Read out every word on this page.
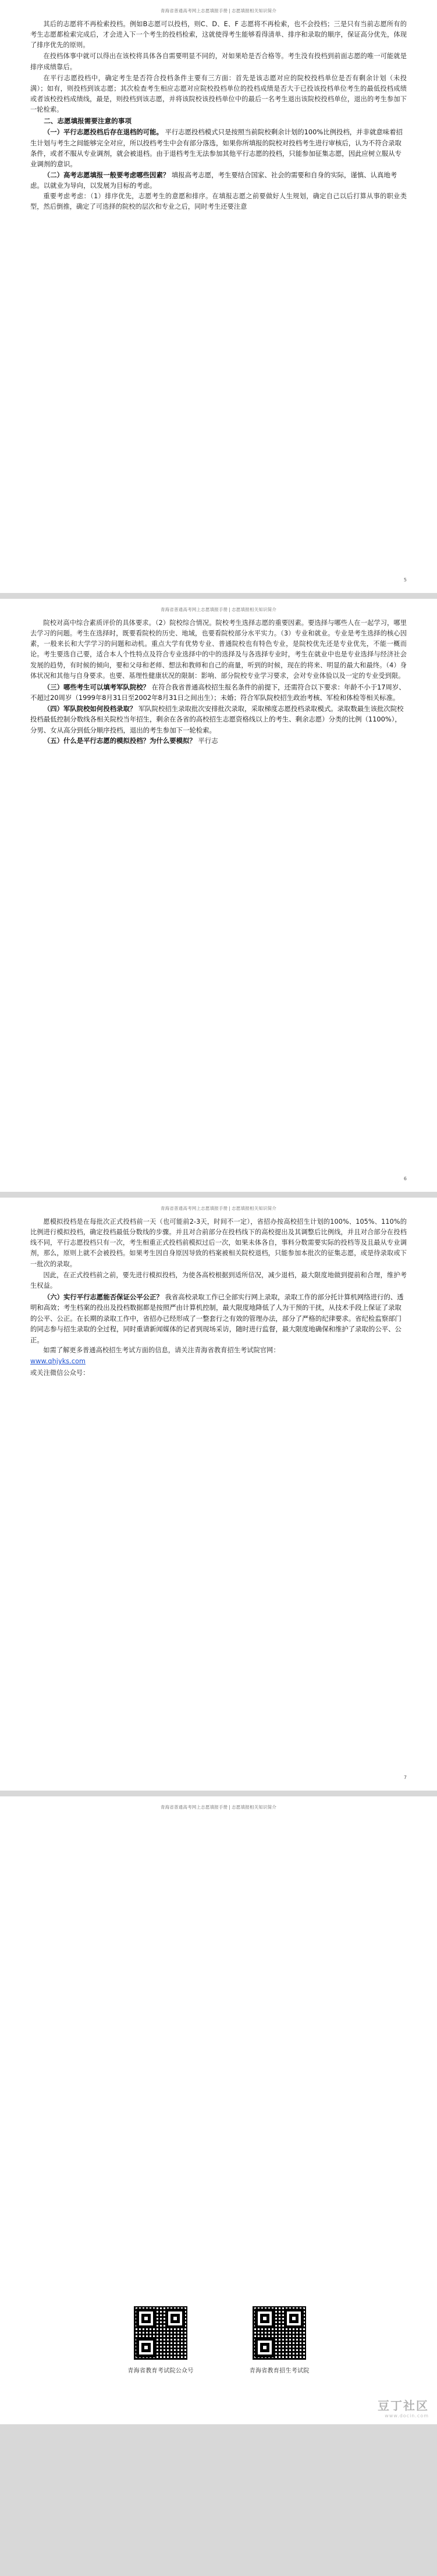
青海省普通高考网上志愿填报手册 | 志愿填报相关知识简介

其后的志愿将不再检索投档。例如B志愿可以投档，则C、D、E、F 志愿将不再检索，也不会投档；三是只有当前志愿所有的考生志愿都检索完成后，才会进入下一个考生的投档检索，这就使得考生能够看得清单、排序和录取的顺序，保证高分优先，体现了排序优先的原则。

在投档体事中就可以得出在该校将具体各自需要明显不同的，对如果哈是否合格等。考生没有投档到前面志愿的唯一可能就是排序成绩靠后。

在平行志愿投档中，确定考生是否符合投档条件主要有三方面：首先是该志愿对应的院校投档单位是否有剩余计划（未投满）；如有，则投档到该志愿；其次检查考生相应志愿对应院校投档单位的投档成绩是否大于已投该投档单位考生的最低投档成绩或者该校投档成绩线，最是，则投档到该志愿，并将该院校该投档单位中的最后一名考生退出该院校投档单位，退出的考生参加下一轮检索。

二、志愿填报需要注意的事项

（一）平行志愿投档后存在退档的可能。 平行志愿投档模式只是按照当前院校剩余计划的100%比例投档，并非就意味着招生计划与考生之间能够完全对应，所以投档考生中会有部分落选，如果你所填报的院校对投档考生进行审核后，认为不符合录取条件，或者不服从专业调剂，就会被退档。由于退档考生无法参加其他平行志愿的投档，只能参加征集志愿，因此应树立服从专业调剂的意识。

（二）高考志愿填报一般要考虑哪些因素？ 填报高考志愿，考生要结合国家、社会的需要和自身的实际，谨慎、认真地考虑。以就业为导向，以发展为目标的考虑。

重要考虑考虑：（1）排序优先，志愿考生的意愿和排序。在填报志愿之前要做好人生规划，确定自己以后打算从事的职业类型，然后倒推，确定了可选择的院校的层次和专业之后，同时考生还要注意

5
青海省普通高考网上志愿填报手册 | 志愿填报相关知识简介

院校对高中综合素质评价的具体要求。（2）院校综合情况。院校考生选择志愿的重要因素。要选择与哪些人在一起学习，哪里去学习的问题。考生在选择时，既要看院校的历史、地域，也要看院校部分水平实力。（3）专业和就业。专业是考生选择的核心因素，一般来长和大学学习的问题和动机。重点大学有优势专业、普通院校也有特色专业，是院校优先还是专业优先，不能一概而论。考生要选自己要，适合本人个性特点及符合专业选择中的中的选择及与各选择专业时，考生在就业中也是专业选择与经济社会发展的趋势，有时候的倾向，要和父母和老师、想法和教师和自己的商量，听到的时候，现在的将来、明显的最大和最终。（4）身体状况和其他与自身要求。也要、基理性健康状况的限制：影响、部分院校专业学习要求，会对专业体验以及一定的专业受到限。

（三）哪些考生可以填考军队院校？ 在符合我省普通高校招生报名条件的前提下，还需符合以下要求：年龄不小于17周岁、不超过20周岁（1999年8月31日至2002年8月31日之间出生）；未婚；符合军队院校招生政治考核、军检和体检等相关标准。

（四）军队院校如何投档录取？ 军队院校招生录取批次安排批次录取，采取梯度志愿投档录取模式。录取数最生该批次院校投档最低控制分数线各相关院校当年招生，剩余在各省的高校招生志愿资格线以上的考生、剩余志愿）分类的比例（1100%），分男、女从高分到低分顺序投档，退出的考生参加下一轮检索。

（五）什么是平行志愿的模拟投档？为什么要模拟？ 平行志

6
青海省普通高考网上志愿填报手册 | 志愿填报相关知识简介

愿模拟投档是在每批次正式投档前一天（也可能前2-3天，时间不一定），省招办按高校招生计划的100%、105%、110%的比例进行模拟投档，确定投档最低分数线的步骤。并且对合前部分在投档线下的高校提出及其调整后比例线，并且对合部分在投档线不同，平行志愿投档只有一次，考生相重正式投档前模拟过后一次，如果未体各自，事料分数需要实际的投档等及且最从专业调剂，那么，原则上就不会被投档。如果考生因自身原因导致的档案被相关院校退档，只能参加本批次的征集志愿，或是待录取或下一批次的录取。

因此，在正式投档前之前，要先进行模拟投档，为使各高校根据到适所信况，减少退档，最大限度地做到提前和合理，维护考生权益。

（六）实行平行志愿能否保证公平公正？ 我省高校录取工作已全部实行网上录取，录取工作的部分托计算机网络进行的、透明和高效；考生档案的投出及投档数据都是按照严由计算机控制，最大限度地降低了人为干预的干扰，从技术手段上保证了录取的公平、公正。在长期的录取工作中，省招办已经形成了一整套行之有效的管理办法，部分了严格的纪律要求。省纪检监察部门的同志参与招生录取的全过程，同时重请新闻媒体的记者到现场采访，随时进行监督，最大限度地确保和维护了录取的公平、公正。

如需了解更多普通高校招生考试方面的信息，请关注青海省教育招生考试院官网：

www.qhjyks.com

或关注微信公众号：

7
青海省普通高考网上志愿填报手册 | 志愿填报相关知识简介
青海省教育考试院公众号	青海省教育招生考试院
豆丁社区
www.docin.com
